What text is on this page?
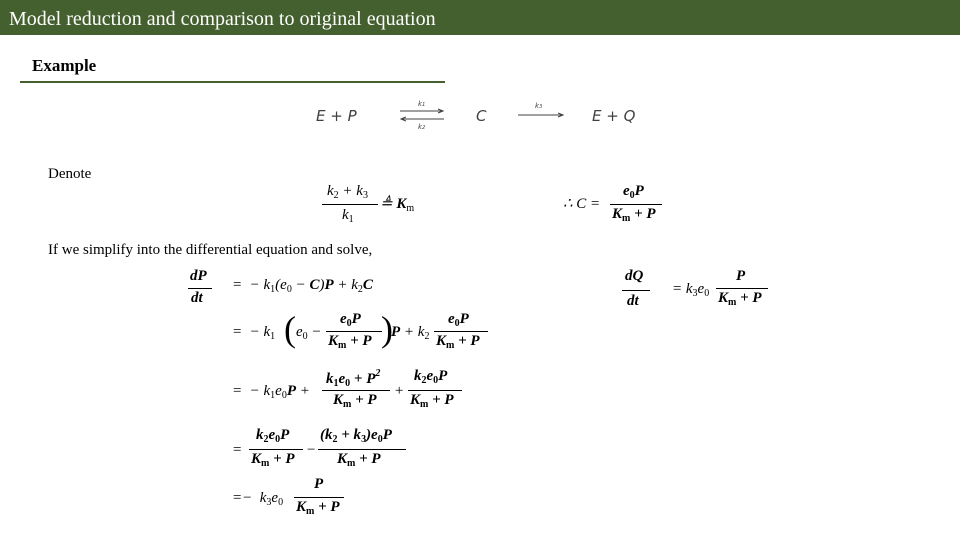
Model reduction and comparison to original equation
Example
E + P
k1
k2
C
k3	E + Q
Denote
$k_2 + k_3$
$k_1$
≜ $K_m$	∴ C =
$e_0P$
$K_m + P$
If we simplify into the differential equation and solve,
dP
dt
=  − $k_1(e_0 - C)P + k_2C$
=  − $k_1$ ( $e_0$ −
$e_0P$
$K_m + P$ )
$P + k_2$
$e_0P$
$K_m + P$
=  − $k_1e_0P$ +
$k_1e_0 + P^2$
$K_m + P$
+
$k_2e_0P$
$K_m + P$
=
$k_2e_0P$
$K_m + P$
−
$(k_2 + k_3)e_0P$
$K_m + P$
=−  $k_3e_0$
P
$K_m + P$
dQ
dt
= $k_3e_0$
P
$K_m + P$
